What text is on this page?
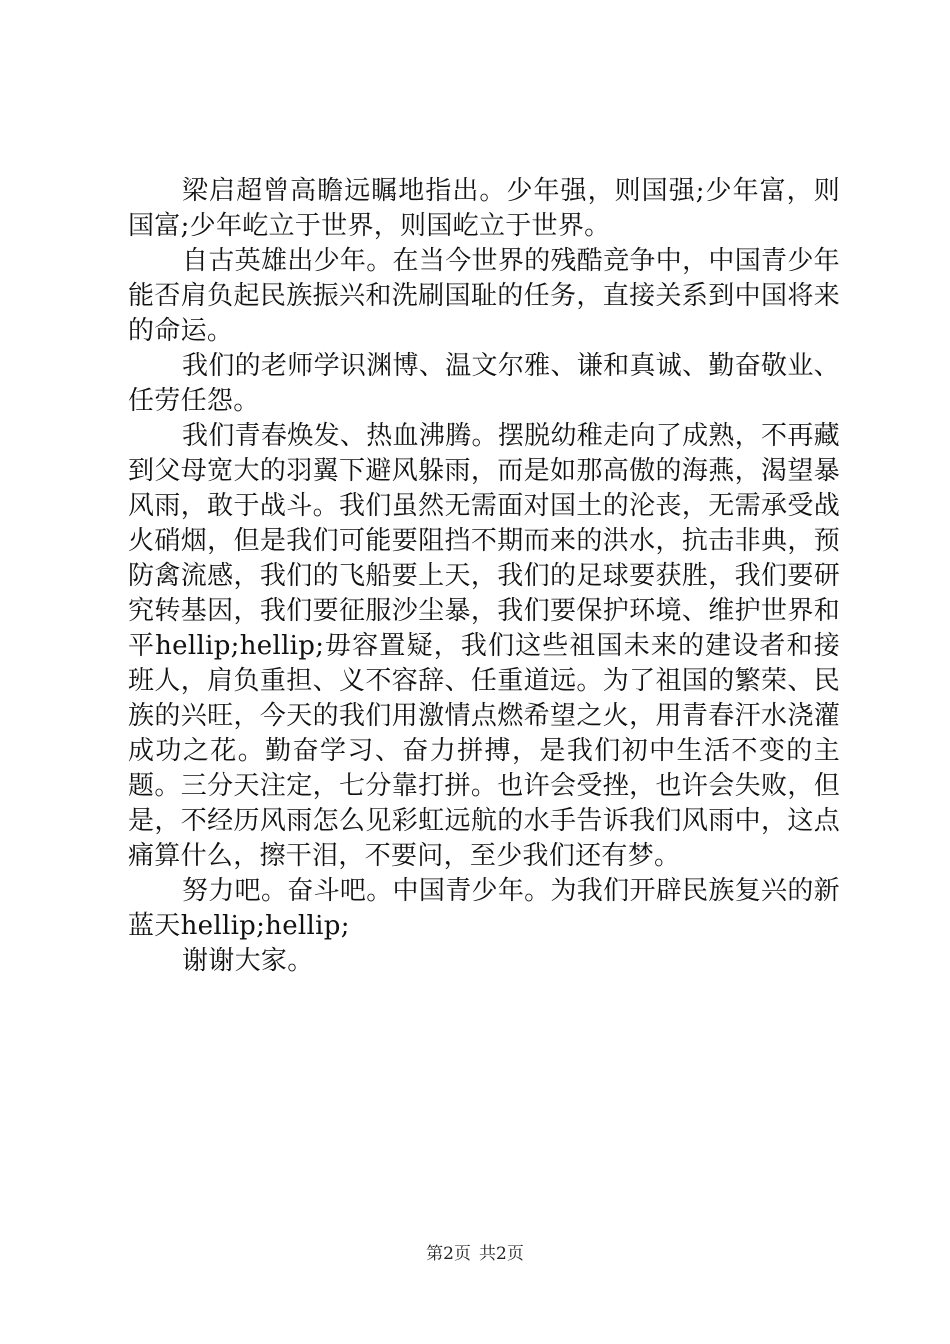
梁启超曾高瞻远瞩地指出。少年强，则国强;少年富，则国富;少年屹立于世界，则国屹立于世界。

自古英雄出少年。在当今世界的残酷竞争中，中国青少年能否肩负起民族振兴和洗刷国耻的任务，直接关系到中国将来的命运。

我们的老师学识渊博、温文尔雅、谦和真诚、勤奋敬业、任劳任怨。

我们青春焕发、热血沸腾。摆脱幼稚走向了成熟，不再藏到父母宽大的羽翼下避风躲雨，而是如那高傲的海燕，渴望暴风雨，敢于战斗。我们虽然无需面对国土的沦丧，无需承受战火硝烟，但是我们可能要阻挡不期而来的洪水，抗击非典，预防禽流感，我们的飞船要上天，我们的足球要获胜，我们要研究转基因，我们要征服沙尘暴，我们要保护环境、维护世界和平hellip;hellip;毋容置疑，我们这些祖国未来的建设者和接班人，肩负重担、义不容辞、任重道远。为了祖国的繁荣、民族的兴旺，今天的我们用激情点燃希望之火，用青春汗水浇灌成功之花。勤奋学习、奋力拼搏，是我们初中生活不变的主题。三分天注定，七分靠打拼。也许会受挫，也许会失败，但是，不经历风雨怎么见彩虹远航的水手告诉我们风雨中，这点痛算什么，擦干泪，不要问，至少我们还有梦。

努力吧。奋斗吧。中国青少年。为我们开辟民族复兴的新蓝天hellip;hellip;

谢谢大家。

第2页 共2页
